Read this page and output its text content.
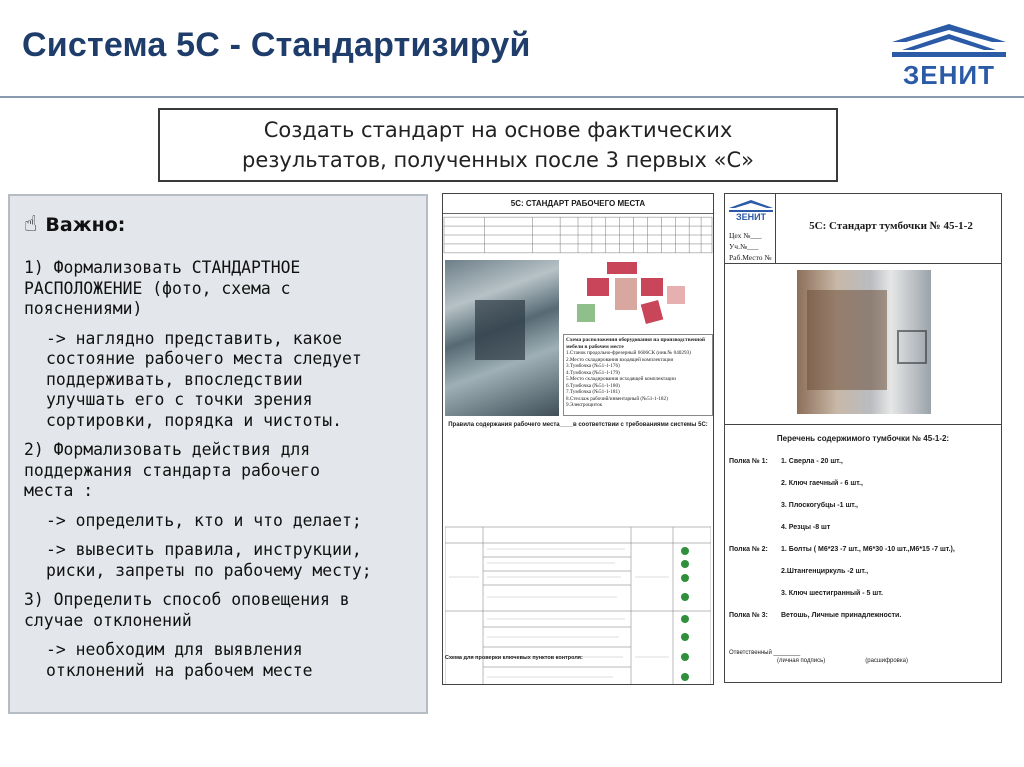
Система 5С - Стандартизируй
ЗЕНИТ
Создать стандарт на основе фактических
результатов, полученных после 3 первых «С»
☝ Важно:
1) Формализовать СТАНДАРТНОЕ
РАСПОЛОЖЕНИЕ (фото, схема с
пояснениями)
-> наглядно представить, какое
состояние рабочего места следует
поддерживать, впоследствии
улучшать его с точки зрения
сортировки, порядка и чистоты.
2) Формализовать действия для
поддержания стандарта рабочего
места :
-> определить, кто и что делает;
-> вывесить правила, инструкции,
риски, запреты по рабочему месту;
3) Определить способ оповещения в
случае отклонений
-> необходим для выявления
отклонений на рабочем месте
5С: СТАНДАРТ РАБОЧЕГО МЕСТА
Схема расположения оборудования на производственной мебели в рабочем месте
1.Станок продольно-фрезерный 6606СК (инв.№ 040293)
2.Место складирования входящей комплектации
3.Тумбочка (№51-1-176)
4.Тумбочка (№51-1-179)
5.Место складирования исходящей комплектации
6.Тумбочка (№51-1-180)
7.Тумбочка (№51-1-181)
8.Стеллаж рабочий/инвентарный (№51-1-182)
9.Электрощиток
Правила содержания рабочего места____в соответствии с требованиями системы 5С:
Схема для проверки ключевых пунктов контроля:
ЗЕНИТ
Цех №___
Уч.№___
Раб.Место №
5С: Стандарт тумбочки № 45-1-2
Перечень содержимого тумбочки № 45-1-2:
Полка № 1: 1. Сверла - 20 шт.,
2. Ключ гаечный - 6 шт.,
3. Плоскогубцы -1 шт.,
4. Резцы -8 шт
Полка № 2: 1. Болты ( М6*23 -7 шт., М6*30 -10 шт.,М6*15 -7 шт.),
2.Штангенциркуль -2 шт.,
3. Ключ шестигранный - 5 шт.
Полка № 3: Ветошь, Личные принадлежности.
Ответственный ________
(личная подпись)	(расшифровка)
